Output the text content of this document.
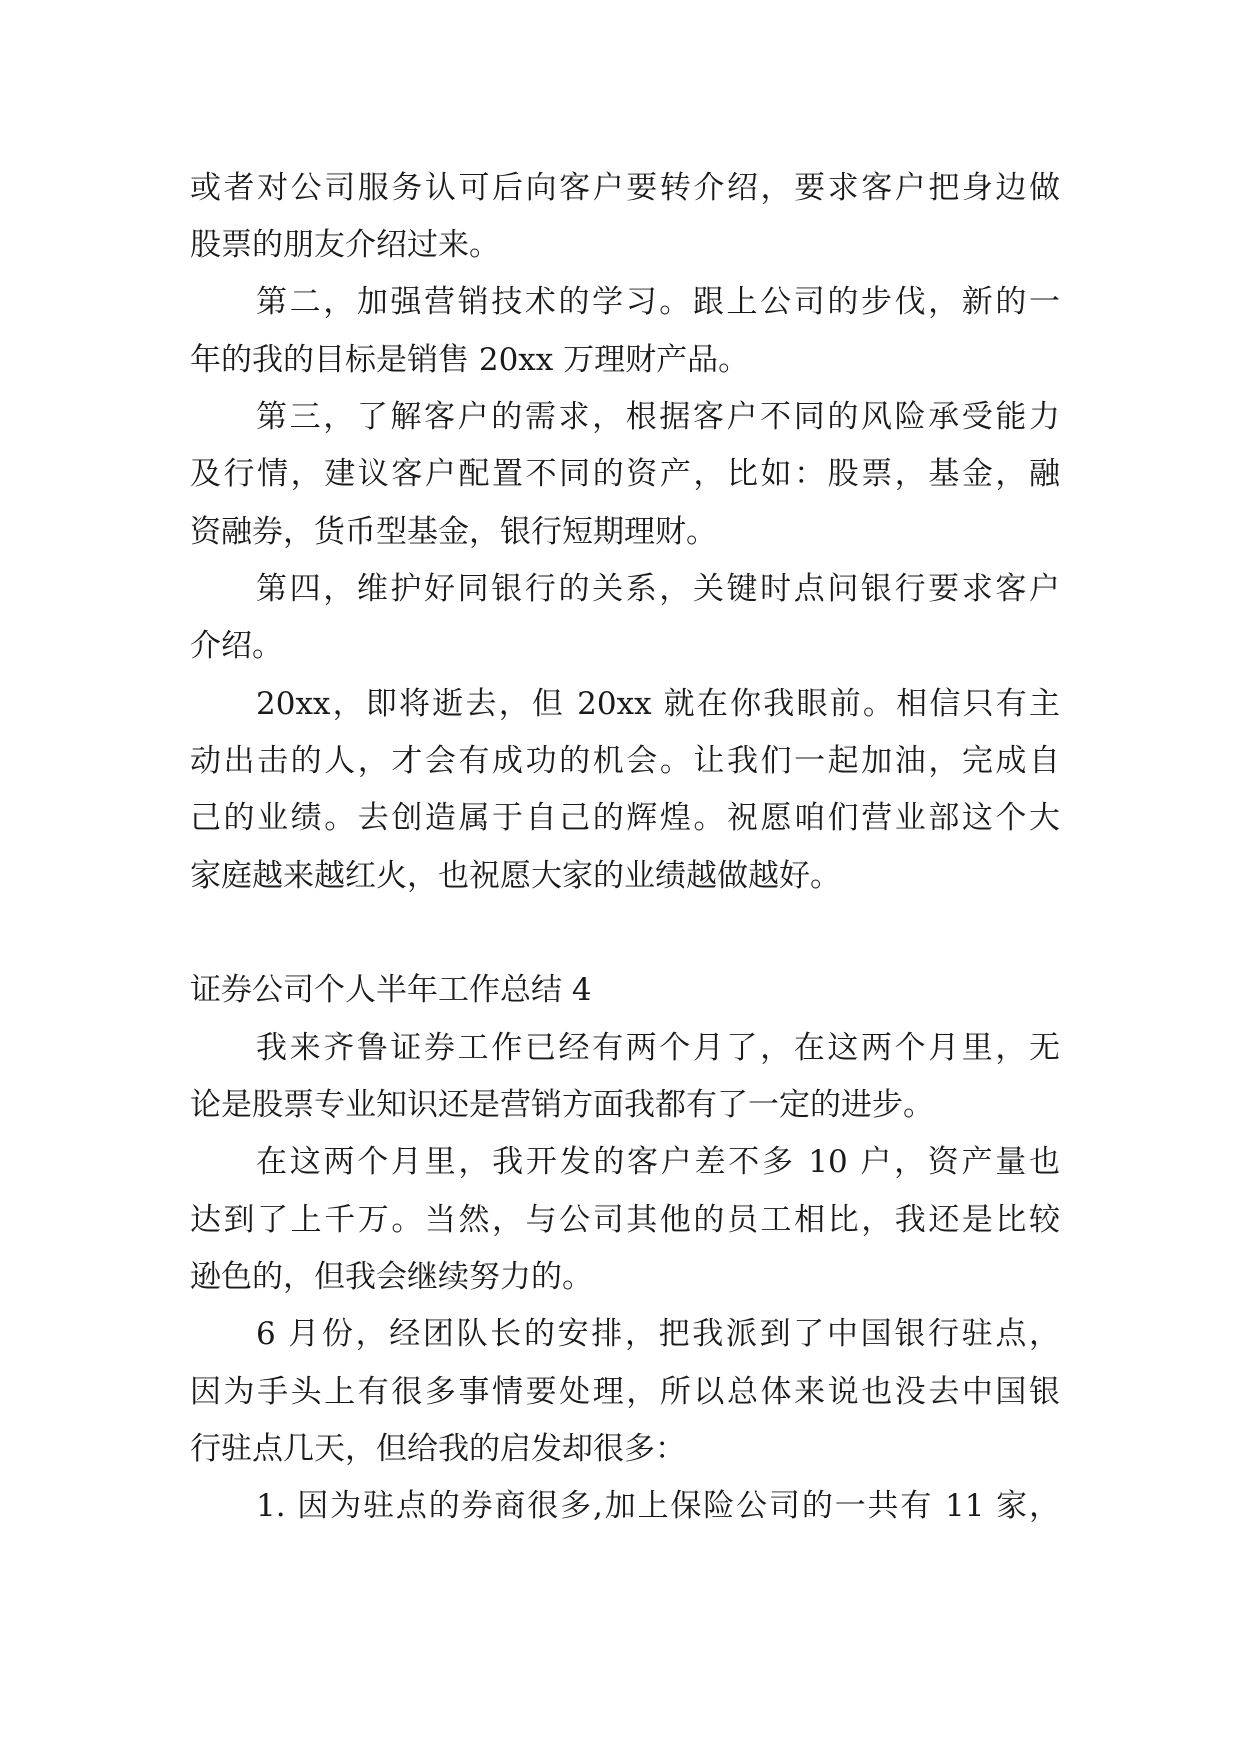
或者对公司服务认可后向客户要转介绍，要求客户把身边做
股票的朋友介绍过来。
第二，加强营销技术的学习。跟上公司的步伐，新的一
年的我的目标是销售 20xx 万理财产品。
第三，了解客户的需求，根据客户不同的风险承受能力
及行情，建议客户配置不同的资产，比如：股票，基金，融
资融券，货币型基金，银行短期理财。
第四，维护好同银行的关系，关键时点问银行要求客户
介绍。
20xx，即将逝去，但 20xx 就在你我眼前。相信只有主
动出击的人，才会有成功的机会。让我们一起加油，完成自
己的业绩。去创造属于自己的辉煌。祝愿咱们营业部这个大
家庭越来越红火，也祝愿大家的业绩越做越好。
证券公司个人半年工作总结 4
我来齐鲁证券工作已经有两个月了，在这两个月里，无
论是股票专业知识还是营销方面我都有了一定的进步。
在这两个月里，我开发的客户差不多 10 户，资产量也
达到了上千万。当然，与公司其他的员工相比，我还是比较
逊色的，但我会继续努力的。
6 月份，经团队长的安排，把我派到了中国银行驻点，
因为手头上有很多事情要处理，所以总体来说也没去中国银
行驻点几天，但给我的启发却很多：
1. 因为驻点的券商很多,加上保险公司的一共有 11 家，
